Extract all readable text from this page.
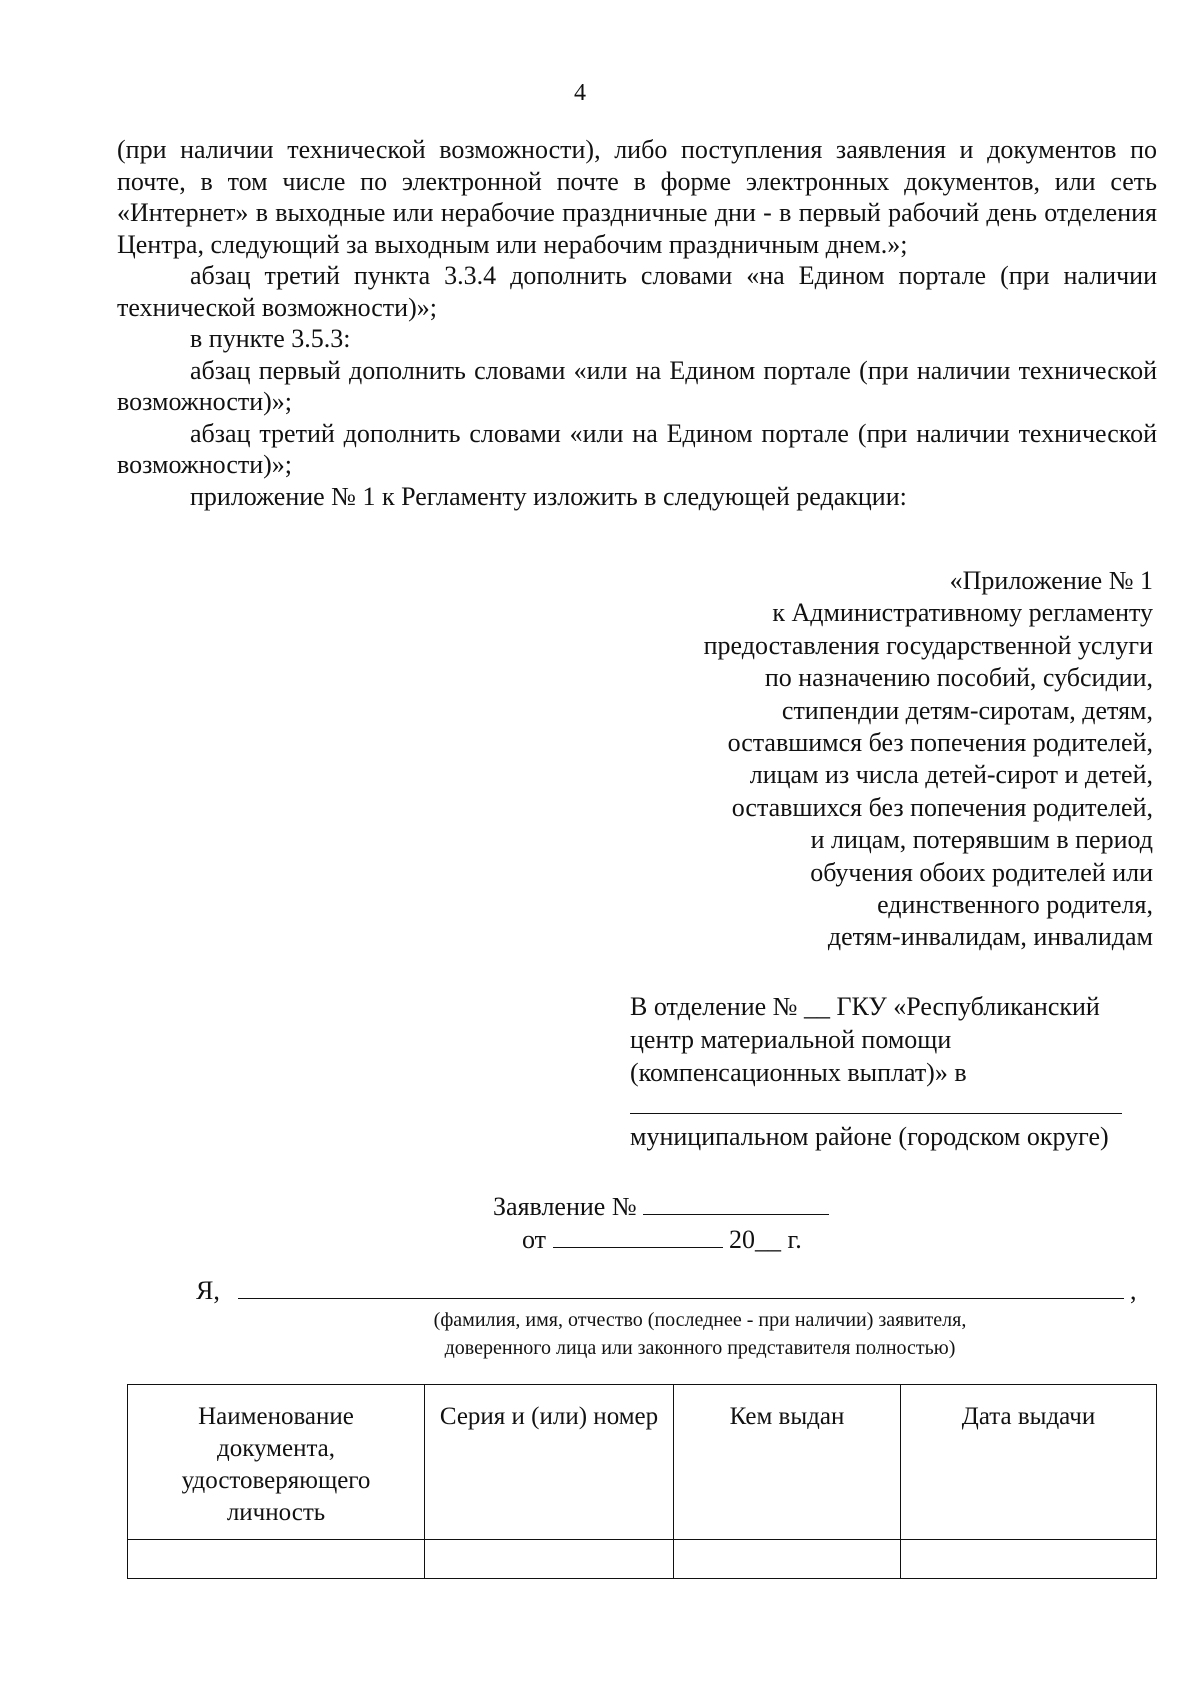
4

(при наличии технической возможности), либо поступления заявления и документов по почте, в том числе по электронной почте в форме электронных документов, или сеть «Интернет» в выходные или нерабочие праздничные дни - в первый рабочий день отделения Центра, следующий за выходным или нерабочим праздничным днем.»;

абзац третий пункта 3.3.4 дополнить словами «на Едином портале (при наличии технической возможности)»;

в пункте 3.5.3:

абзац первый дополнить словами «или на Едином портале (при наличии технической возможности)»;

абзац третий дополнить словами «или на Едином портале (при наличии технической возможности)»;

приложение № 1 к Регламенту изложить в следующей редакции:

«Приложение № 1
к Административному регламенту
предоставления государственной услуги
по назначению пособий, субсидии,
стипендии детям-сиротам, детям,
оставшимся без попечения родителей,
лицам из числа детей-сирот и детей,
оставшихся без попечения родителей,
и лицам, потерявшим в период
обучения обоих родителей или
единственного родителя,
детям-инвалидам, инвалидам
В отделение № __ ГКУ «Республиканский
центр материальной помощи
(компенсационных выплат)» в
муниципальном районе (городском округе)
Заявление №
от	20__ г.
Я,	,
(фамилия, имя, отчество (последнее - при наличии) заявителя,
доверенного лица или законного представителя полностью)
Наименование документа, удостоверяющего личность	Серия и (или) номер	Кем выдан	Дата выдачи
